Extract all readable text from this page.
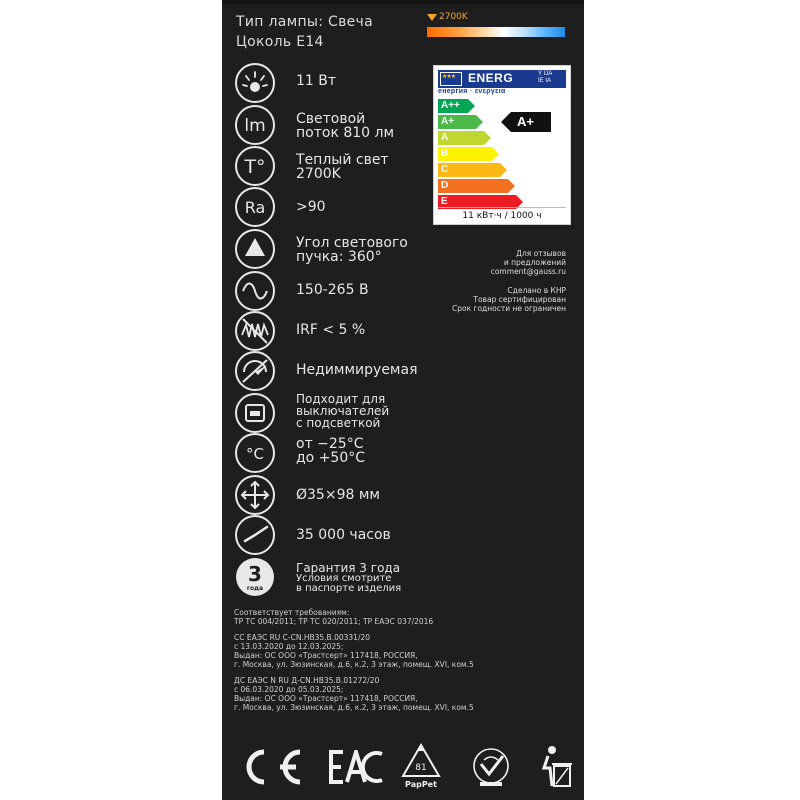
Тип лампы: Свеча
Цоколь E14
2700K
11 Вт
lm Световой
поток 810 лм
T° Теплый свет
2700K
Ra >90
Угол светового
пучка: 360°
150-265 В
IRF < 5 %
Недиммируемая
Подходит для
выключателей
с подсветкой
°C
от −25°C
до +50°C
Ø35×98 мм
35 000 часов
3
года
Гарантия 3 года
Условия смотрите
в паспорте изделия
★★★
ENERG	Y IJA
IE IA
енергия · ενεργεια
A++
A+
A
B
C
D
E
A+
11 кВт·ч / 1000 ч
Для отзывов
и предложений
comment@gauss.ru
Сделано в КНР
Товар сертифицирован
Срок годности не ограничен
Соответствует требованиям:
ТР ТС 004/2011; ТР ТС 020/2011; ТР ЕАЭС 037/2016
СС ЕАЭС RU С-CN.НВ35.В.00331/20
с 13.03.2020 до 12.03.2025;
Выдан: ОС ООО «Трастсерт» 117418, РОССИЯ,
г. Москва, ул. Зюзинская, д.6, к.2, 3 этаж, помещ. XVI, ком.5
ДС ЕАЭС N RU Д-CN.НВ35.В.01272/20
с 06.03.2020 до 05.03.2025;
Выдан: ОС ООО «Трастсерт» 117418, РОССИЯ,
г. Москва, ул. Зюзинская, д.6, к.2, 3 этаж, помещ. XVI, ком.5
81
PapPet
